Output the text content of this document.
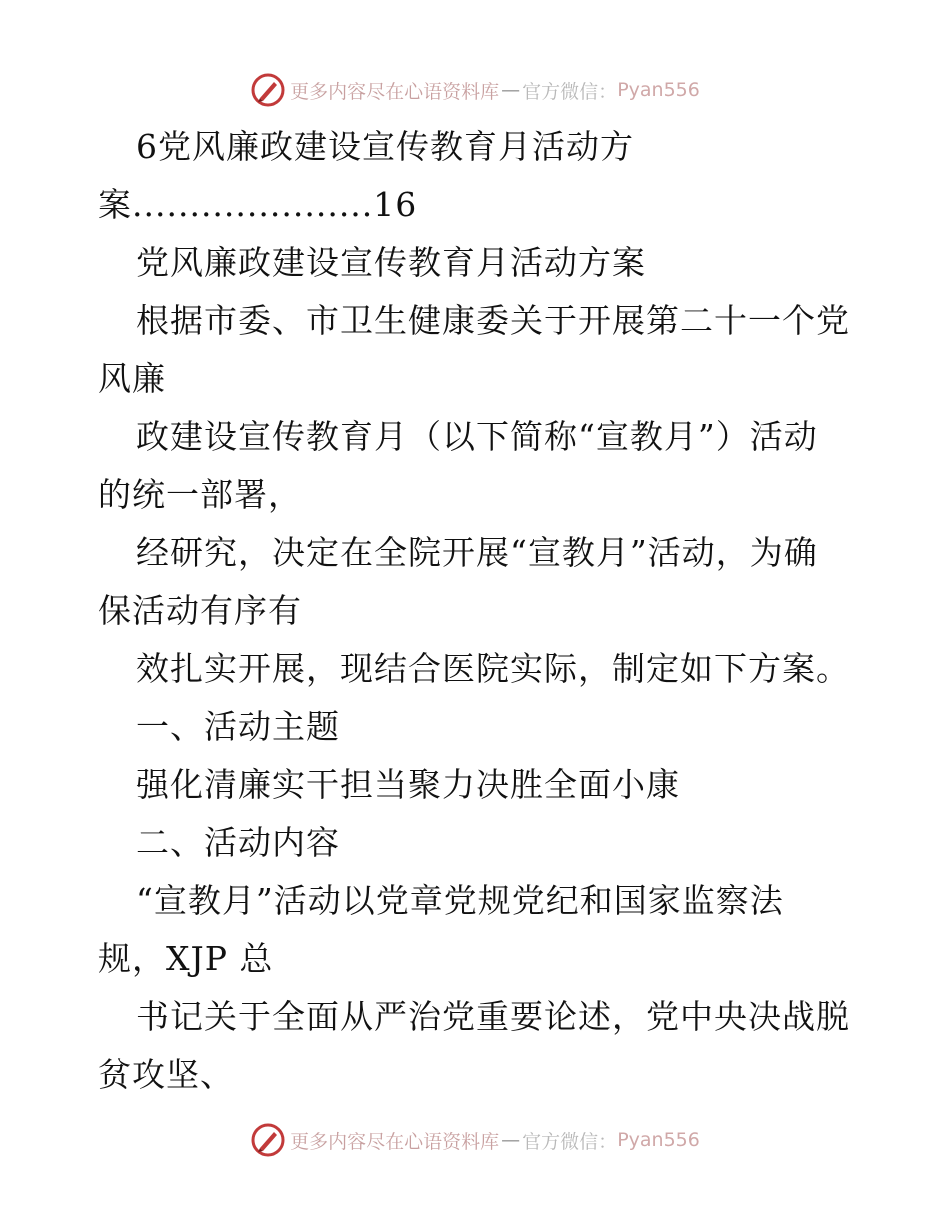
更多内容尽在心语资料库 — 官方微信： Pyan556
6党风廉政建设宣传教育月活动方
案.....................16
党风廉政建设宣传教育月活动方案
根据市委、市卫生健康委关于开展第二十一个党
风廉
政建设宣传教育月（以下简称“宣教月”）活动
的统一部署，
经研究，决定在全院开展“宣教月”活动，为确
保活动有序有
效扎实开展，现结合医院实际，制定如下方案。
一、活动主题
强化清廉实干担当聚力决胜全面小康
二、活动内容
“宣教月”活动以党章党规党纪和国家监察法
规，XJP 总
书记关于全面从严治党重要论述，党中央决战脱
贫攻坚、
更多内容尽在心语资料库 — 官方微信： Pyan556
